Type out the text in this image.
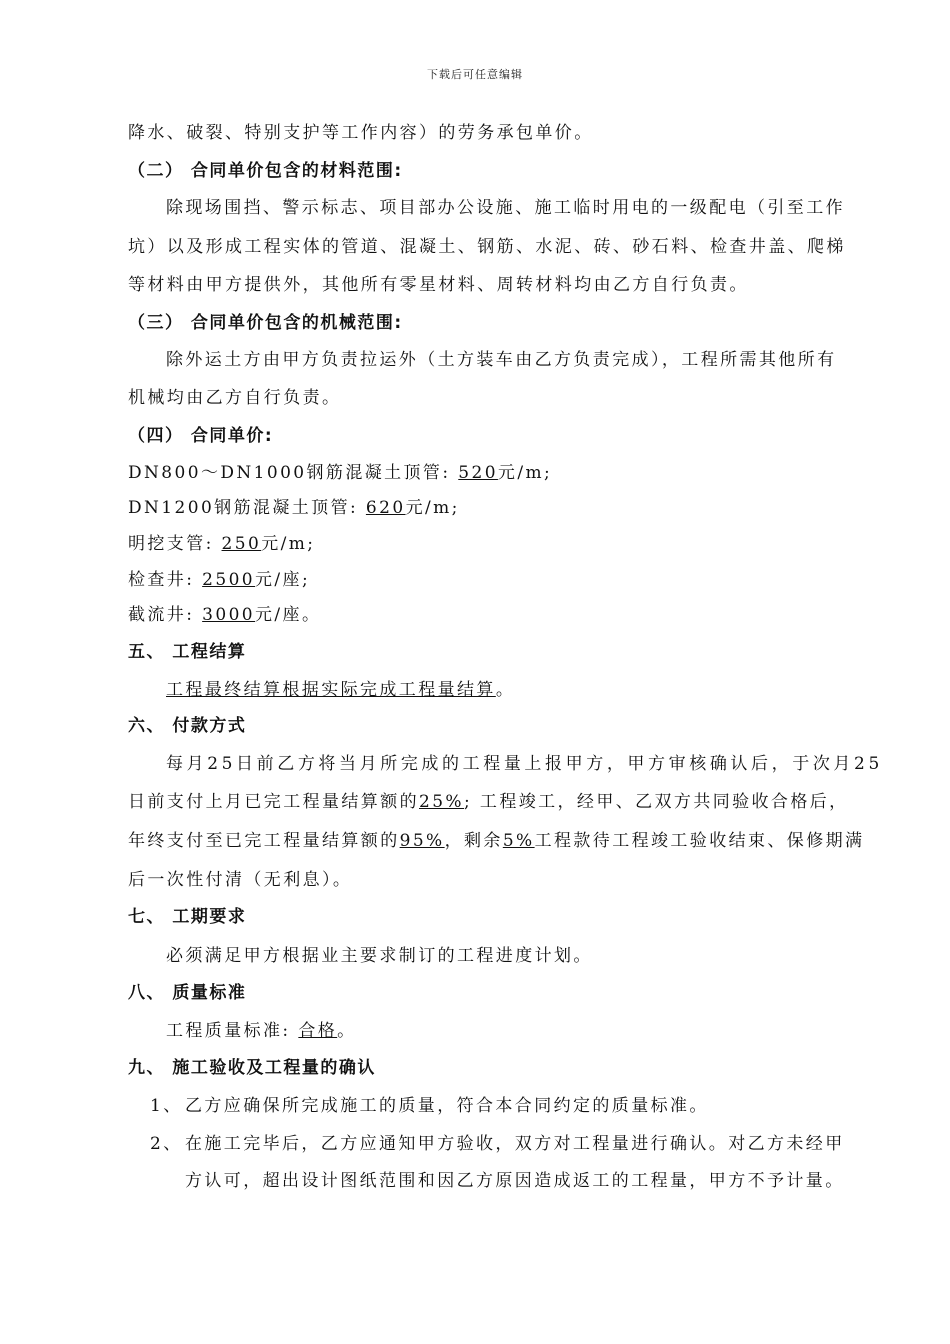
下载后可任意编辑
降水、破裂、特别支护等工作内容）的劳务承包单价。
（二） 合同单价包含的材料范围:
除现场围挡、警示标志、项目部办公设施、施工临时用电的一级配电（引至工作
坑）以及形成工程实体的管道、混凝土、钢筋、水泥、砖、砂石料、检查井盖、爬梯
等材料由甲方提供外，其他所有零星材料、周转材料均由乙方自行负责。
（三） 合同单价包含的机械范围:
除外运土方由甲方负责拉运外（土方装车由乙方负责完成），工程所需其他所有
机械均由乙方自行负责。
（四） 合同单价:
DN800～DN1000钢筋混凝土顶管: 520元/m;
DN1200钢筋混凝土顶管: 620元/m;
明挖支管: 250元/m;
检查井: 2500元/座;
截流井: 3000元/座。
五、 工程结算
工程最终结算根据实际完成工程量结算。
六、 付款方式
每月25日前乙方将当月所完成的工程量上报甲方，甲方审核确认后，于次月25
日前支付上月已完工程量结算额的25%; 工程竣工，经甲、乙双方共同验收合格后，
年终支付至已完工程量结算额的95%，剩余5%工程款待工程竣工验收结束、保修期满
后一次性付清（无利息）。
七、 工期要求
必须满足甲方根据业主要求制订的工程进度计划。
八、 质量标准
工程质量标准: 合格。
九、 施工验收及工程量的确认
1、 乙方应确保所完成施工的质量，符合本合同约定的质量标准。
2、 在施工完毕后，乙方应通知甲方验收，双方对工程量进行确认。对乙方未经甲
方认可，超出设计图纸范围和因乙方原因造成返工的工程量，甲方不予计量。
